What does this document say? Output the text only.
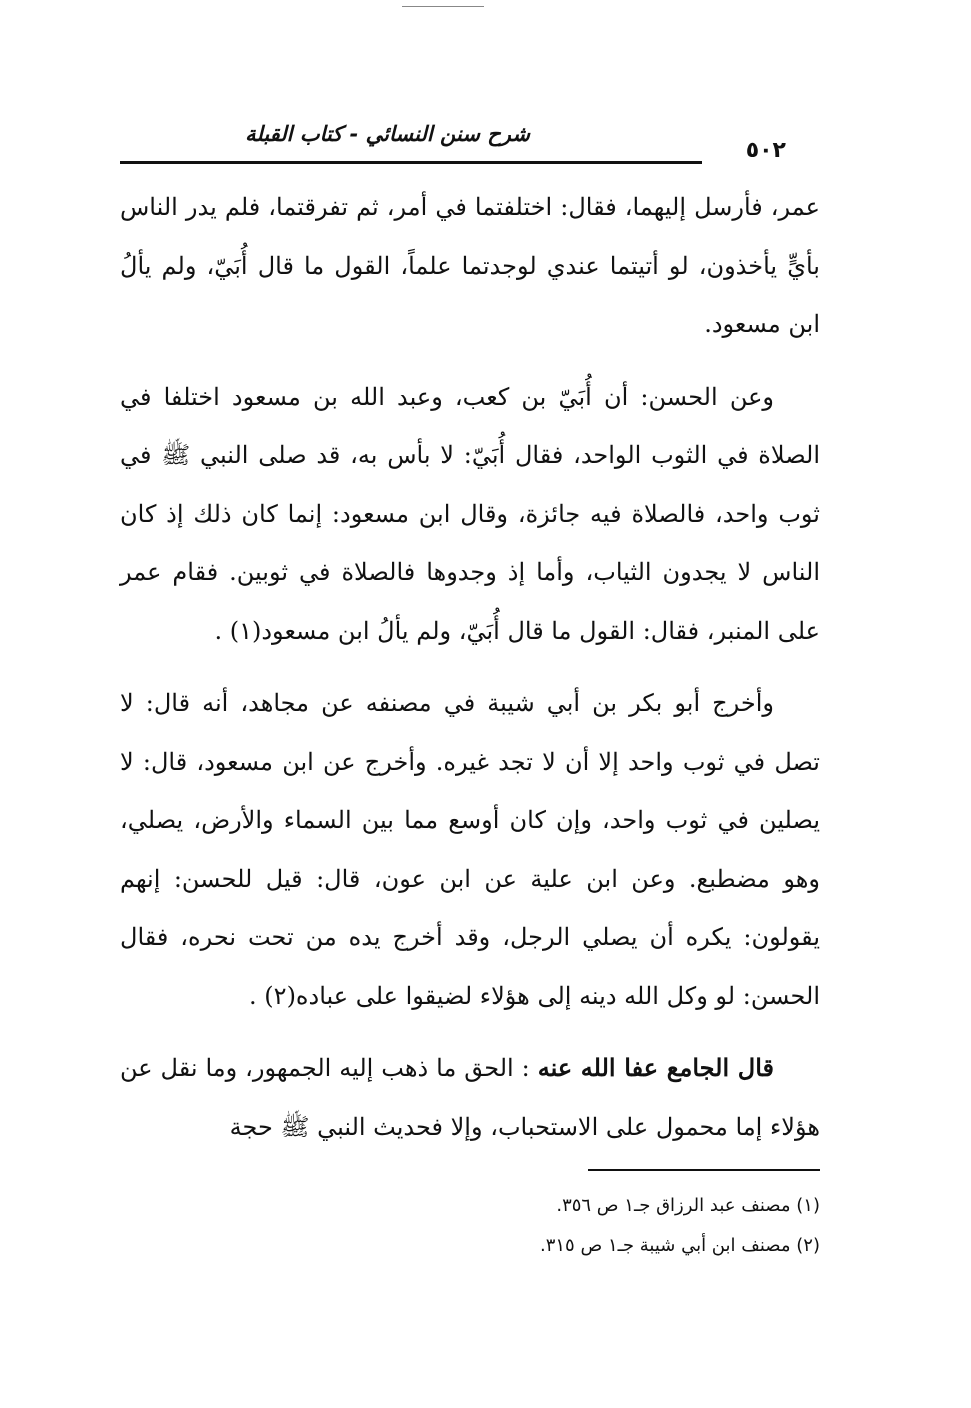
شرح سنن النسائي - كتاب القبلة
٥٠٢

عمر، فأرسل إليهما، فقال: اختلفتما في أمر، ثم تفرقتما، فلم يدر الناس بأيٍّ يأخذون، لو أتيتما عندي لوجدتما علماً، القول ما قال أُبَيّ، ولم يألُ ابن مسعود.

وعن الحسن: أن أُبَيّ بن كعب، وعبد الله بن مسعود اختلفا في الصلاة في الثوب الواحد، فقال أُبَيّ: لا بأس به، قد صلى النبي ﷺ في ثوب واحد، فالصلاة فيه جائزة، وقال ابن مسعود: إنما كان ذلك إذ كان الناس لا يجدون الثياب، وأما إذ وجدوها فالصلاة في ثوبين. فقام عمر على المنبر، فقال: القول ما قال أُبَيّ، ولم يألُ ابن مسعود(١) .

وأخرج أبو بكر بن أبي شيبة في مصنفه عن مجاهد، أنه قال: لا تصل في ثوب واحد إلا أن لا تجد غيره. وأخرج عن ابن مسعود، قال: لا يصلين في ثوب واحد، وإن كان أوسع مما بين السماء والأرض، يصلي، وهو مضطبع. وعن ابن علية عن ابن عون، قال: قيل للحسن: إنهم يقولون: يكره أن يصلي الرجل، وقد أخرج يده من تحت نحره، فقال الحسن: لو وكل الله دينه إلى هؤلاء لضيقوا على عباده(٢) .

قال الجامع عفا الله عنه : الحق ما ذهب إليه الجمهور، وما نقل عن هؤلاء إما محمول على الاستحباب، وإلا فحديث النبي ﷺ حجة

(١) مصنف عبد الرزاق جـ١ ص ٣٥٦.
(٢) مصنف ابن أبي شيبة جـ١ ص ٣١٥.
